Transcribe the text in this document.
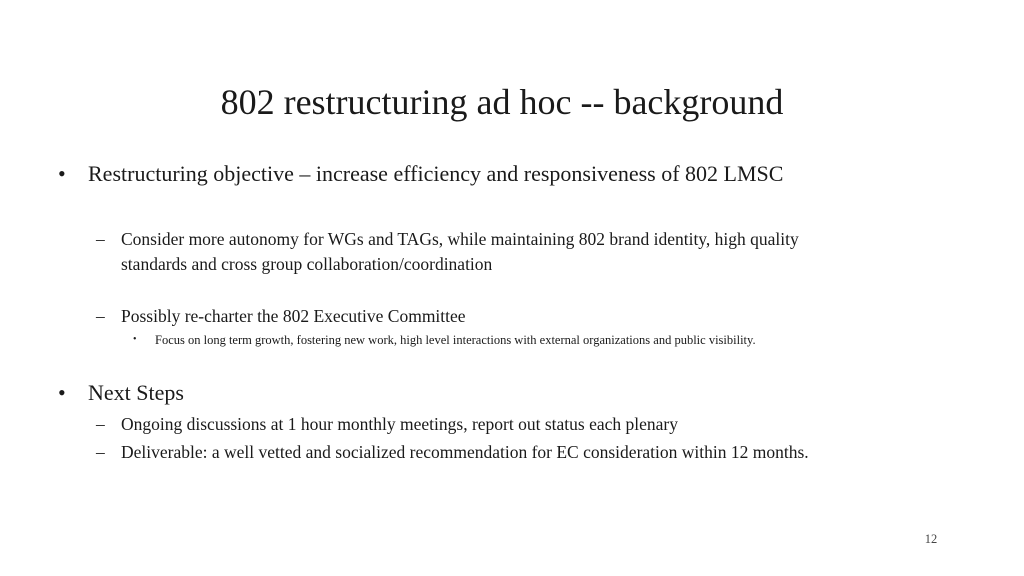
802 restructuring ad hoc -- background
• Restructuring objective – increase efficiency and responsiveness of 802 LMSC
– Consider more autonomy for WGs and TAGs, while maintaining 802 brand identity, high quality
standards and cross group collaboration/coordination
– Possibly re-charter the 802 Executive Committee
• Focus on long term growth, fostering new work, high level interactions with external organizations and public visibility.
• Next Steps
– Ongoing discussions at 1 hour monthly meetings, report out status each plenary
– Deliverable: a well vetted and socialized recommendation for EC consideration within 12 months.
12
